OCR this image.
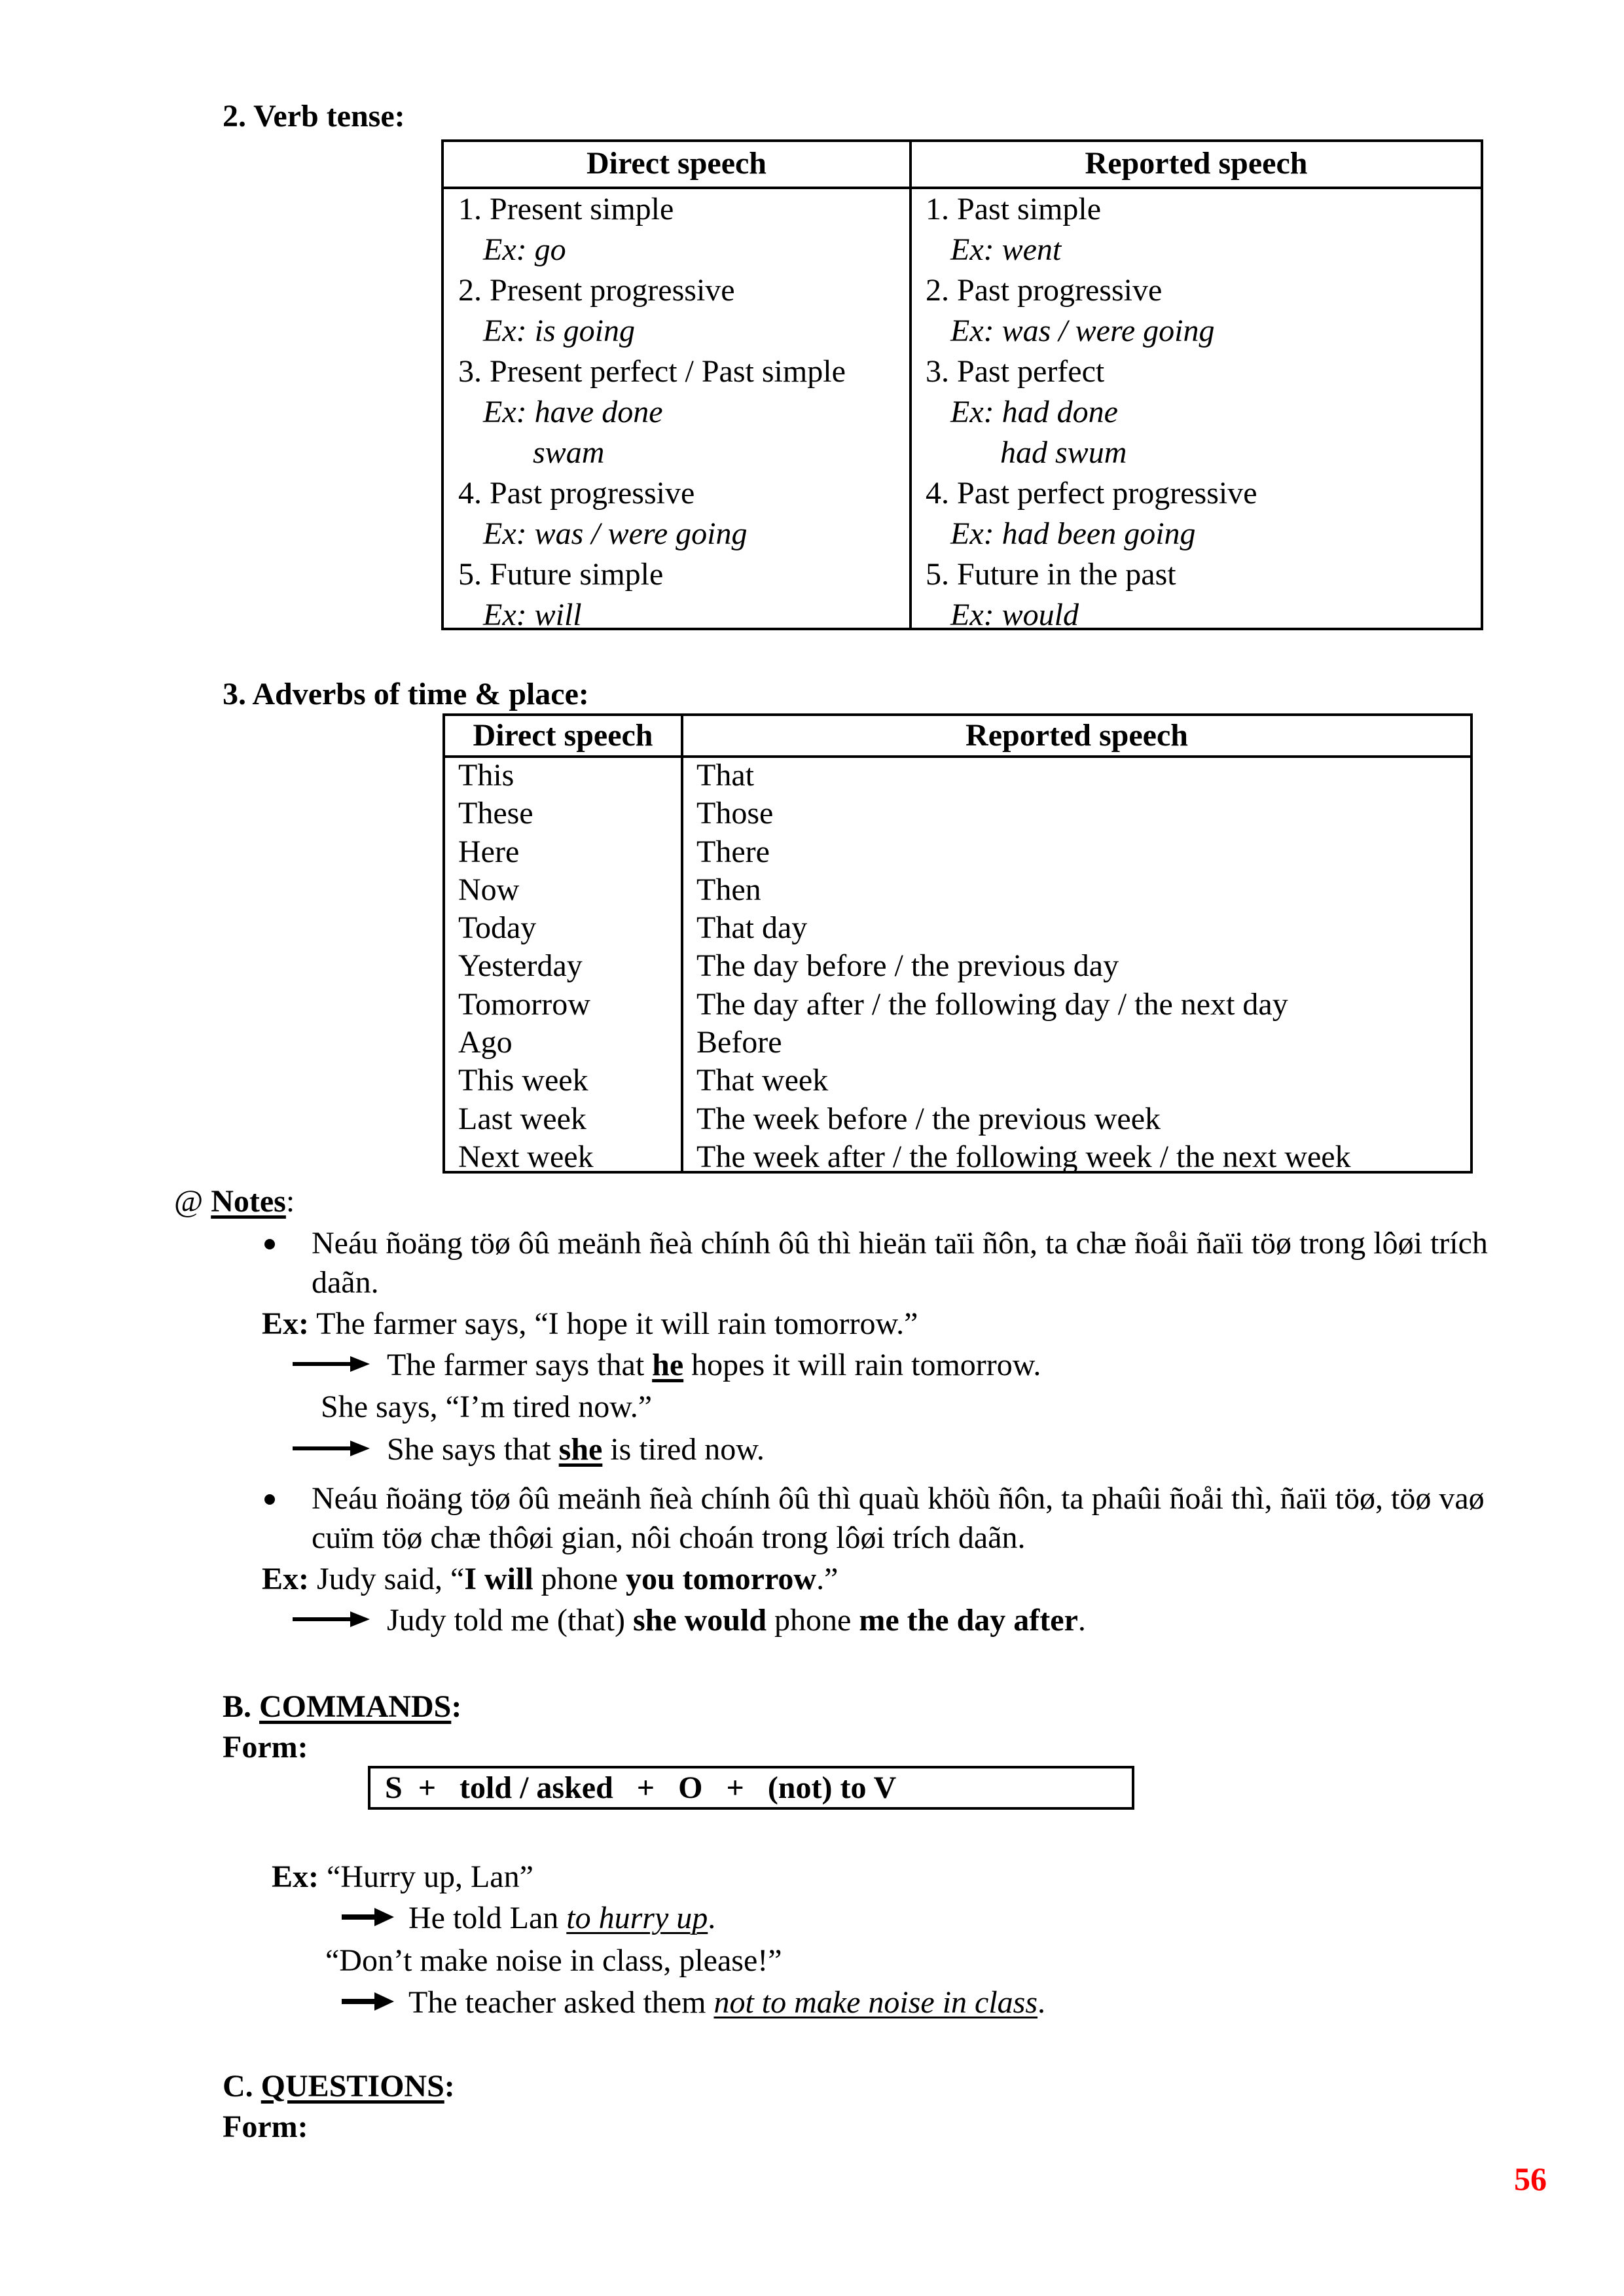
2. Verb tense:
Direct speech	Reported speech
1. Present simple
Ex: go
2. Present progressive
Ex: is going
3. Present perfect / Past simple
Ex: have done
swam
4. Past progressive
Ex: was / were going
5. Future simple
Ex: will
1. Past simple
Ex: went
2. Past progressive
Ex: was / were going
3. Past perfect
Ex: had done
had swum
4. Past perfect progressive
Ex: had been going
5. Future in the past
Ex: would
3. Adverbs of time & place:
Direct speech	Reported speech
This
These
Here
Now
Today
Yesterday
Tomorrow
Ago
This week
Last week
Next week
That
Those
There
Then
That day
The day before / the previous day
The day after / the following day / the next day
Before
That week
The week before / the previous week
The week after / the following week / the next week
@ Notes:
Neáu ñoäng töø ôû meänh ñeà chính ôû thì hieän taïi ñôn, ta chæ ñoåi ñaïi töø trong lôøi trích
daãn.
Ex: The farmer says, “I hope it will rain tomorrow.”
The farmer says that he hopes it will rain tomorrow.
She says, “I’m tired now.”
She says that she is tired now.
Neáu ñoäng töø ôû meänh ñeà chính ôû thì quaù khöù ñôn, ta phaûi ñoåi thì, ñaïi töø, töø vaø
cuïm töø chæ thôøi gian, nôi choán trong lôøi trích daãn.
Ex: Judy said, “I will phone you tomorrow.”
Judy told me (that) she would phone me the day after.
B. COMMANDS:
Form:
S  +   told / asked   +   O   +   (not) to V
Ex: “Hurry up, Lan”
He told Lan to hurry up.
“Don’t make noise in class, please!”
The teacher asked them not to make noise in class.
C. QUESTIONS:
Form:
56
